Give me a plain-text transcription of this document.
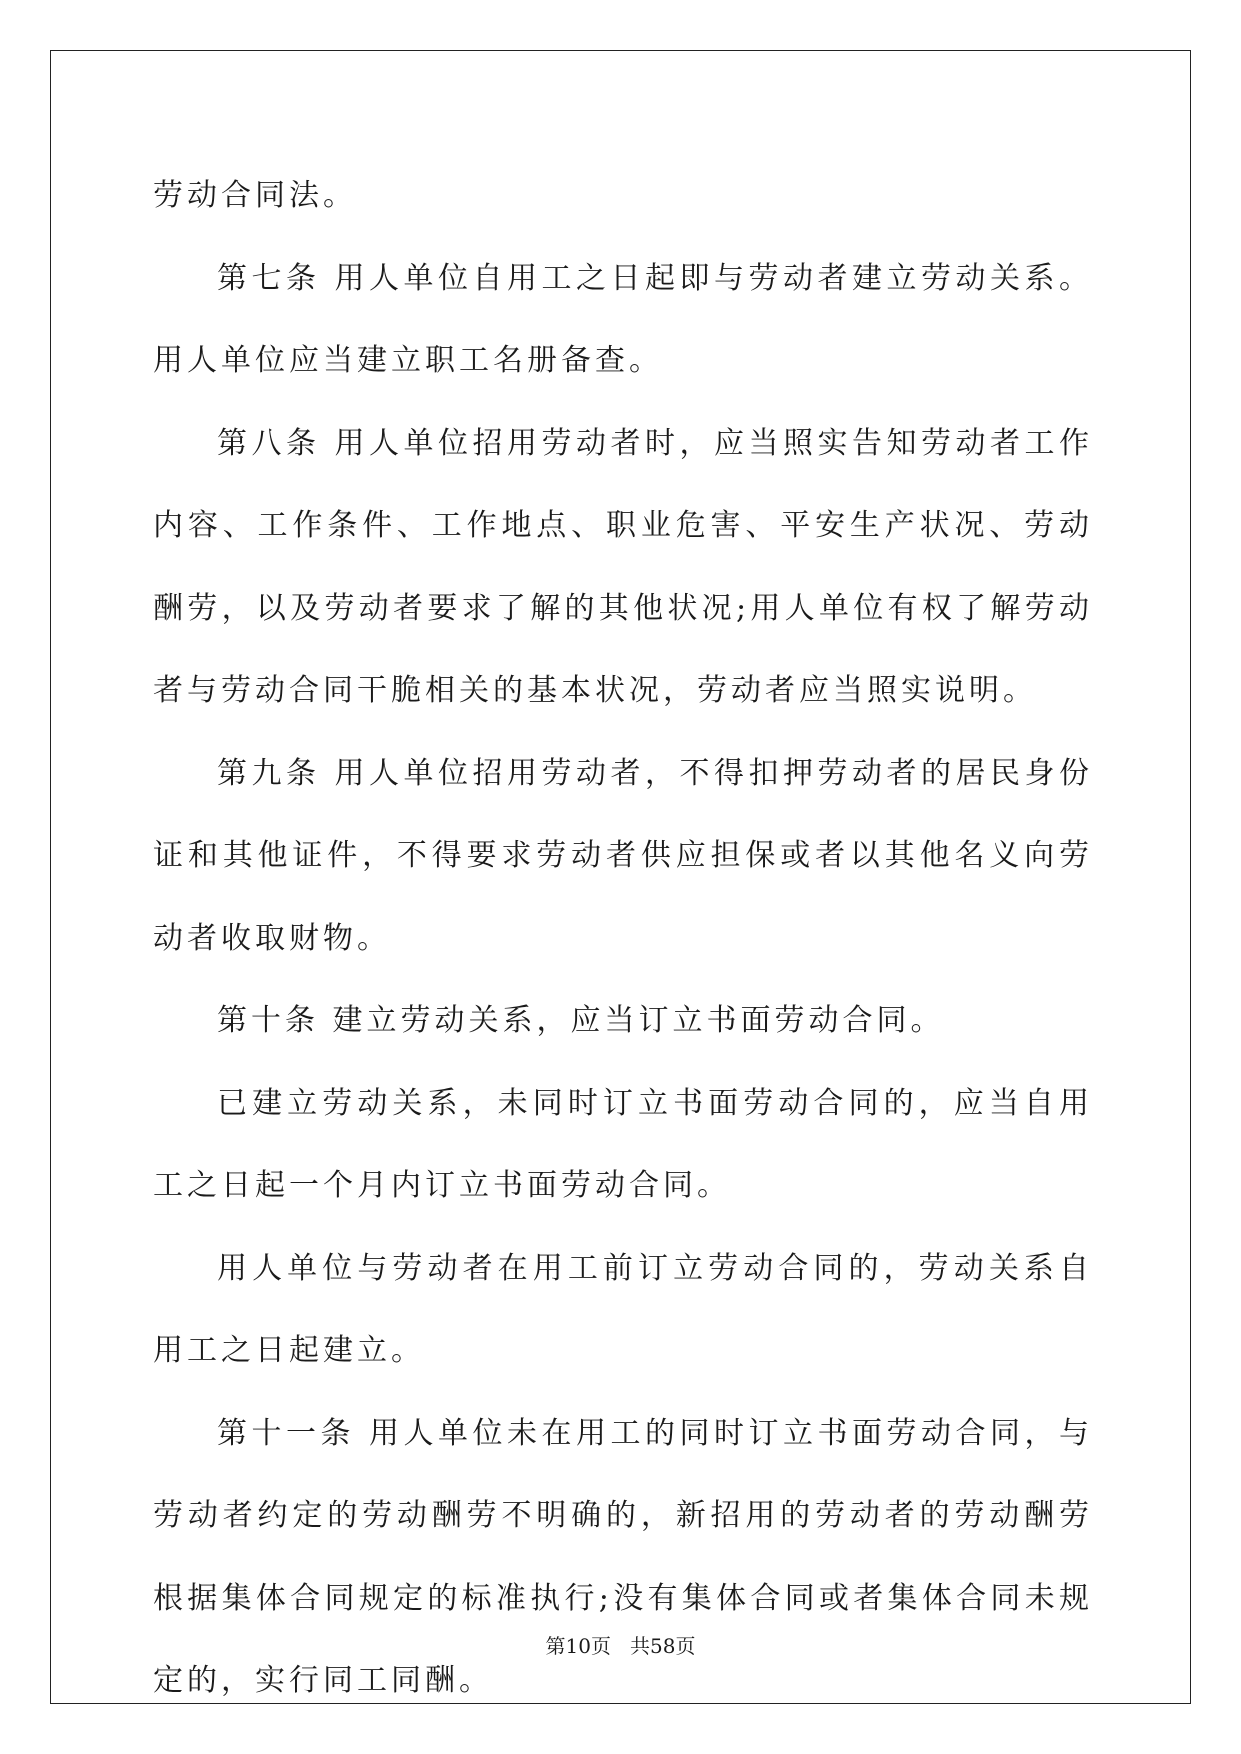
劳动合同法。

第七条 用人单位自用工之日起即与劳动者建立劳动关系。用人单位应当建立职工名册备查。

第八条 用人单位招用劳动者时，应当照实告知劳动者工作内容、工作条件、工作地点、职业危害、平安生产状况、劳动酬劳，以及劳动者要求了解的其他状况;用人单位有权了解劳动者与劳动合同干脆相关的基本状况，劳动者应当照实说明。

第九条 用人单位招用劳动者，不得扣押劳动者的居民身份证和其他证件，不得要求劳动者供应担保或者以其他名义向劳动者收取财物。

第十条 建立劳动关系，应当订立书面劳动合同。

已建立劳动关系，未同时订立书面劳动合同的，应当自用工之日起一个月内订立书面劳动合同。

用人单位与劳动者在用工前订立劳动合同的，劳动关系自用工之日起建立。

第十一条 用人单位未在用工的同时订立书面劳动合同，与劳动者约定的劳动酬劳不明确的，新招用的劳动者的劳动酬劳根据集体合同规定的标准执行;没有集体合同或者集体合同未规定的，实行同工同酬。

第10页 共58页
